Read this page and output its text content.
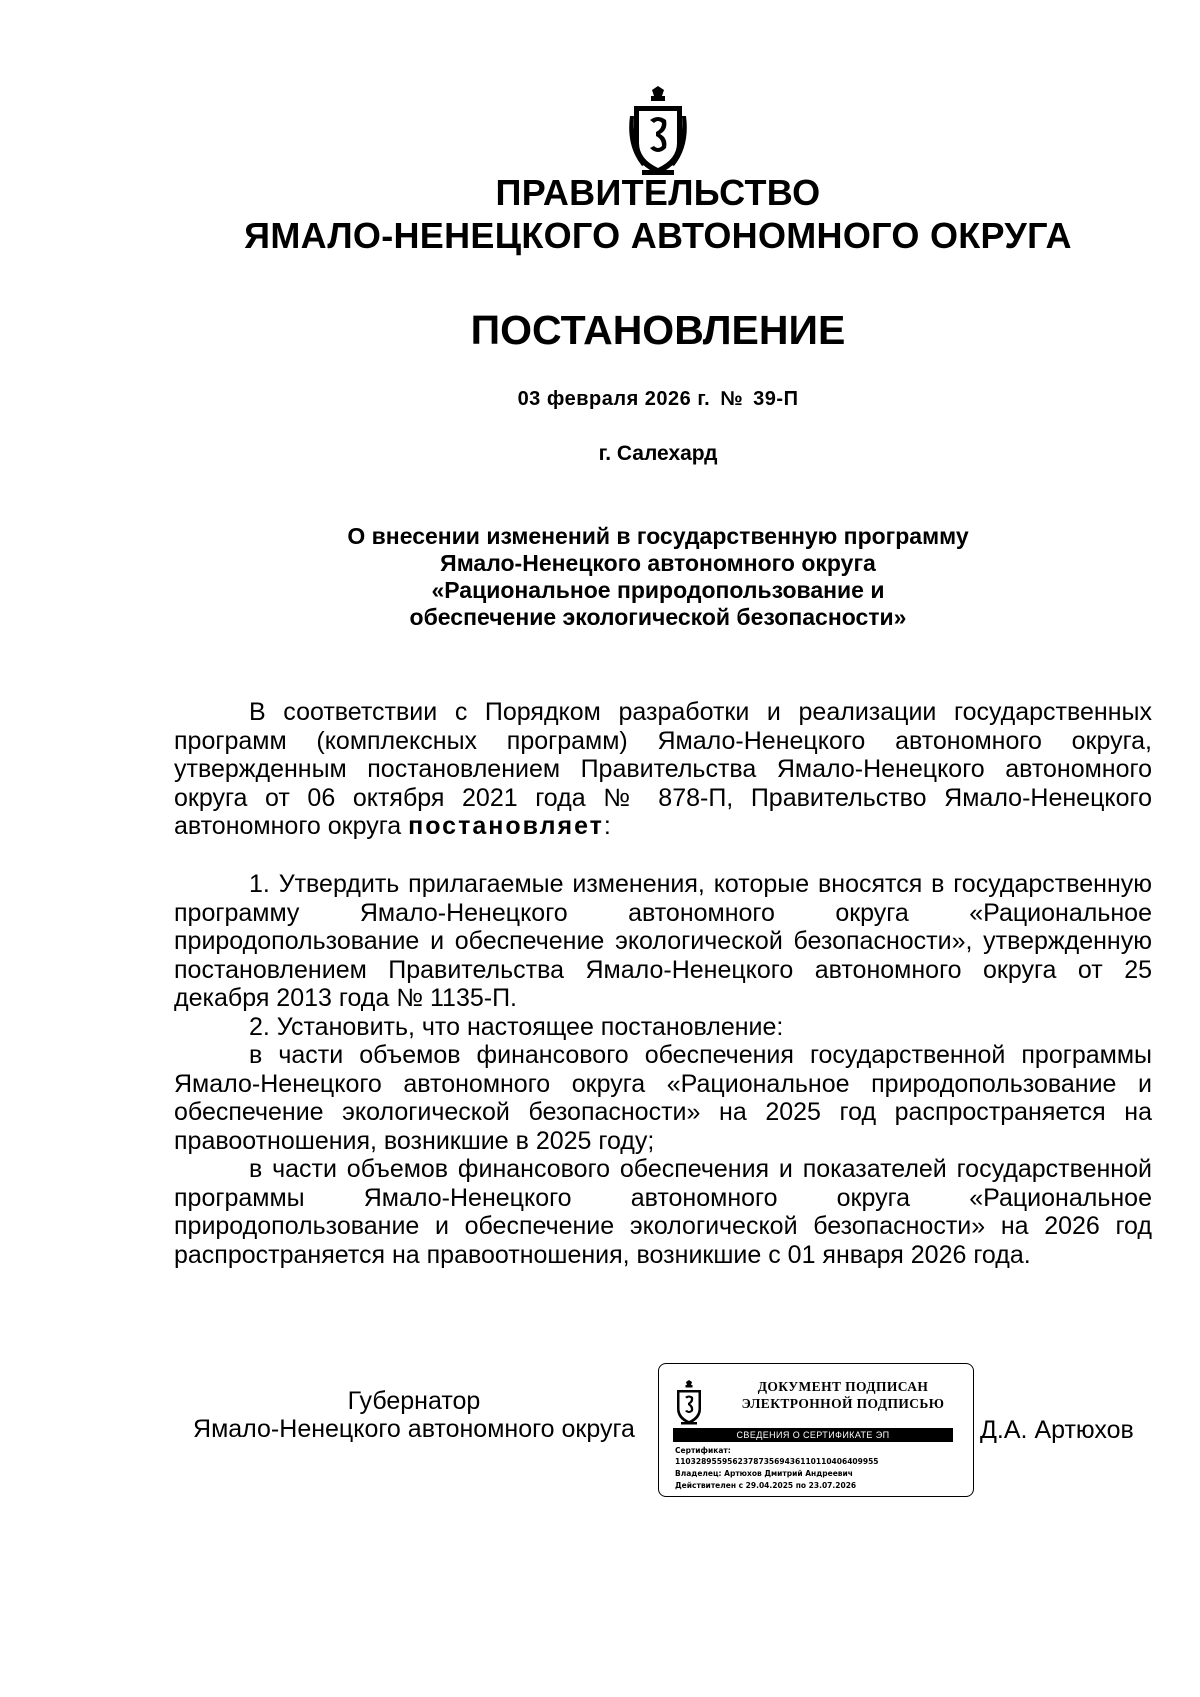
ПРАВИТЕЛЬСТВО
ЯМАЛО-НЕНЕЦКОГО АВТОНОМНОГО ОКРУГА
ПОСТАНОВЛЕНИЕ
03 февраля 2026 г. № 39-П
г. Салехард
О внесении изменений в государственную программу
Ямало-Ненецкого автономного округа
«Рациональное природопользование и
обеспечение экологической безопасности»

В соответствии с Порядком разработки и реализации государственных программ (комплексных программ) Ямало-Ненецкого автономного округа, утвержденным постановлением Правительства Ямало-Ненецкого автономного округа от 06 октября 2021 года № 878-П, Правительство Ямало-Ненецкого автономного округа постановляет:

1. Утвердить прилагаемые изменения, которые вносятся в государственную программу Ямало-Ненецкого автономного округа «Рациональное природопользование и обеспечение экологической безопасности», утвержденную постановлением Правительства Ямало-Ненецкого автономного округа от 25 декабря 2013 года № 1135-П.

2. Установить, что настоящее постановление:

в части объемов финансового обеспечения государственной программы Ямало-Ненецкого автономного округа «Рациональное природопользование и обеспечение экологической безопасности» на 2025 год распространяется на правоотношения, возникшие в 2025 году;

в части объемов финансового обеспечения и показателей государственной программы Ямало-Ненецкого автономного округа «Рациональное природопользование и обеспечение экологической безопасности» на 2026 год распространяется на правоотношения, возникшие с 01 января 2026 года.

Губернатор
Ямало-Ненецкого автономного округа
ДОКУМЕНТ ПОДПИСАН
ЭЛЕКТРОННОЙ ПОДПИСЬЮ
СВЕДЕНИЯ О СЕРТИФИКАТЕ ЭП
Сертификат:
11032895595623787356943611011040640995​5
Владелец: Артюхов Дмитрий Андреевич
Действителен с 29.04.2025 по 23.07.2026
Д.А. Артюхов
